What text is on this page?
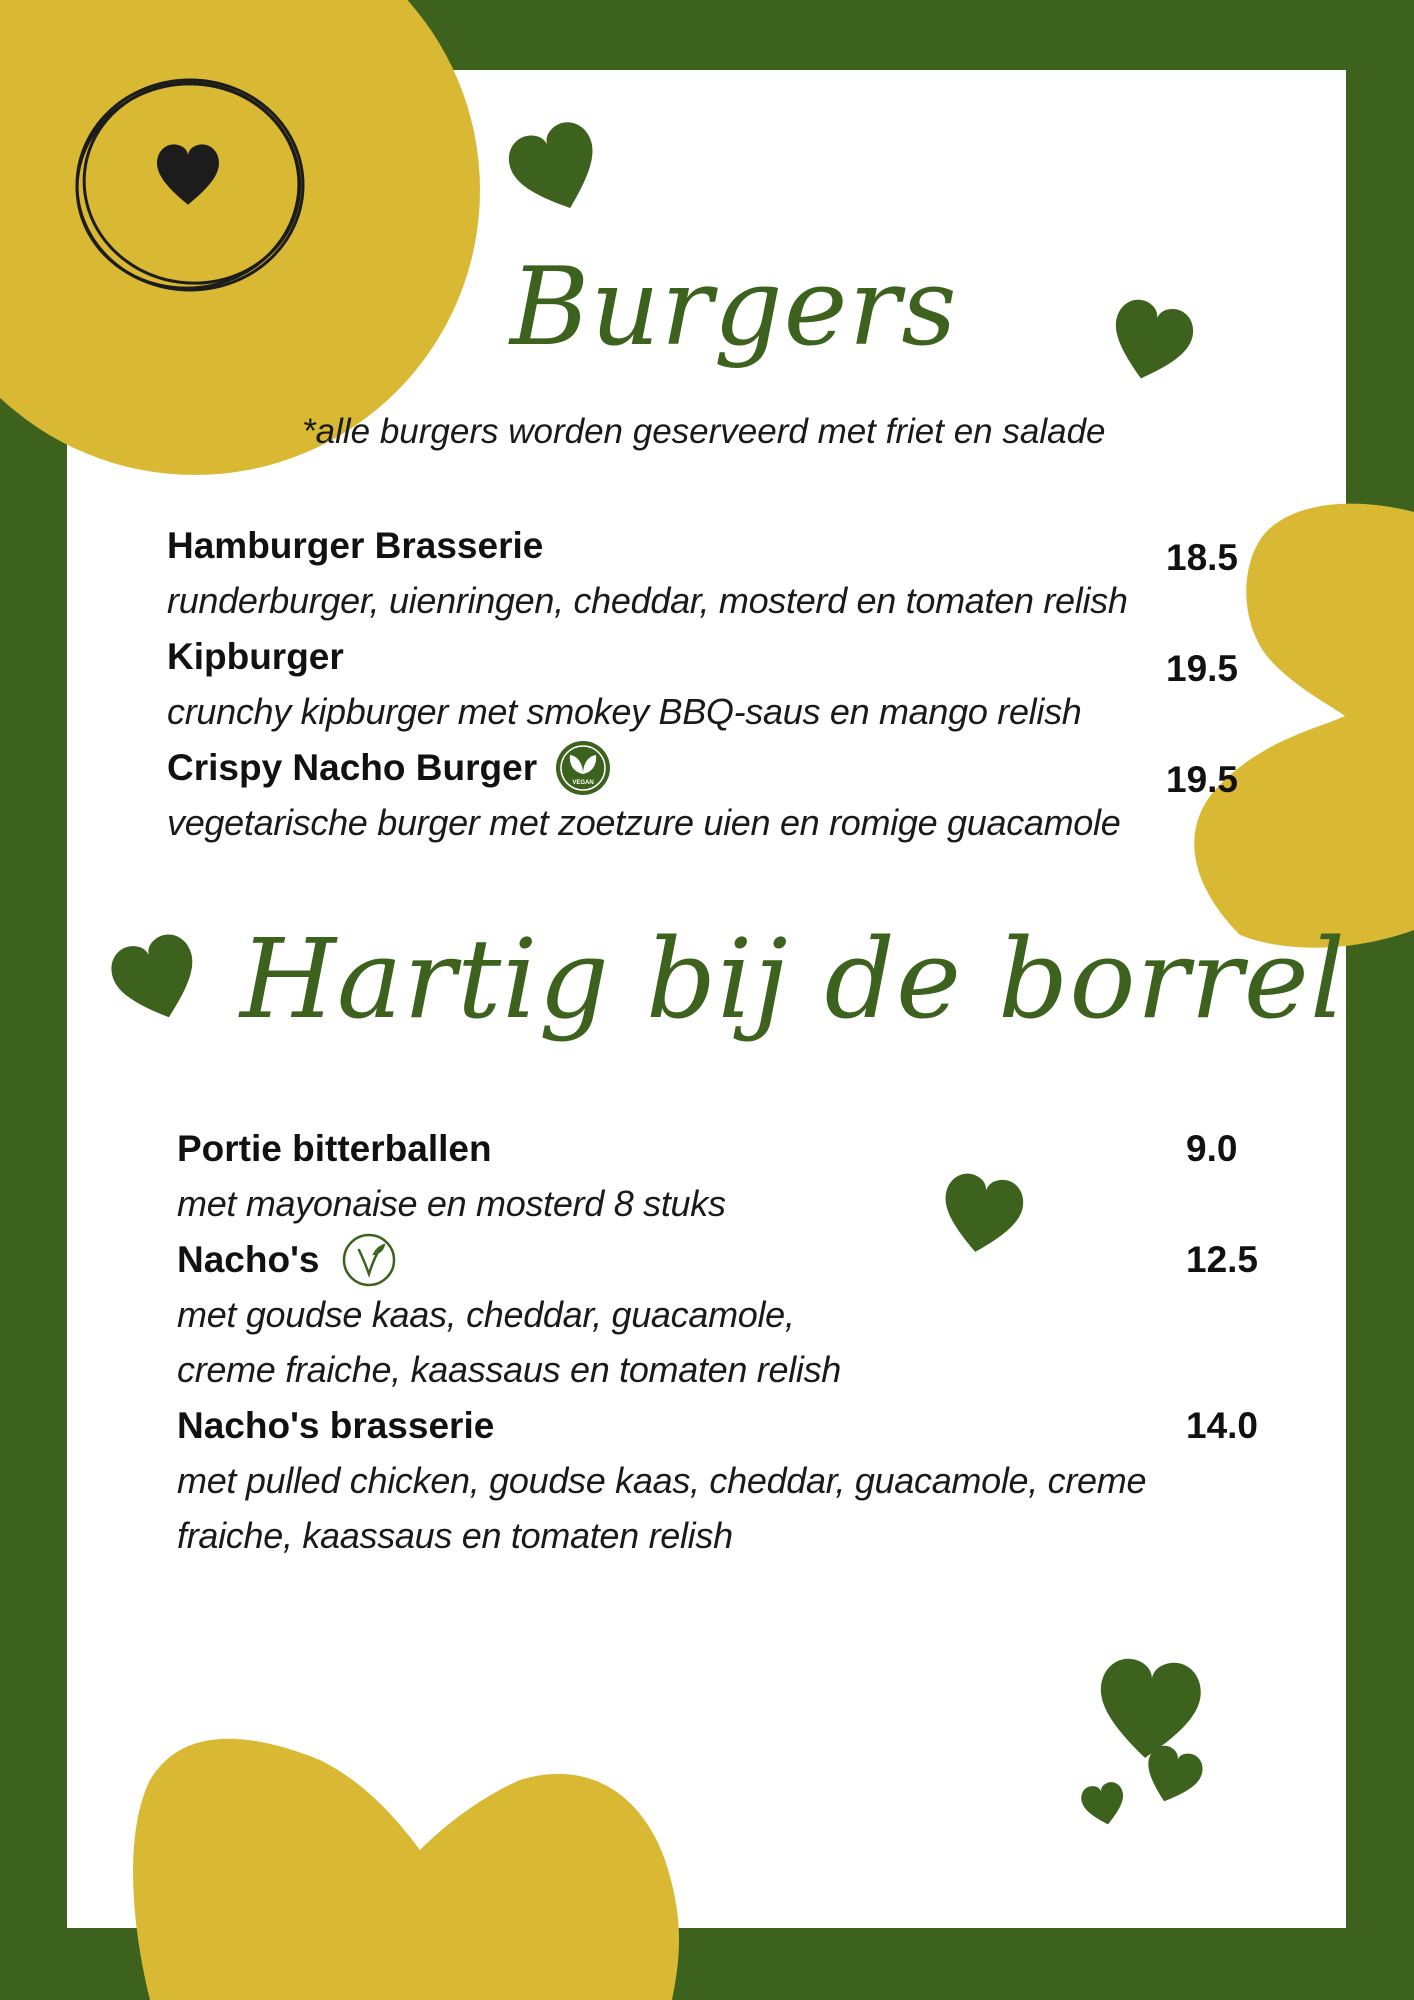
Burgers

*alle burgers worden geserveerd met friet en salade

Hamburger Brasserie
runderburger, uienringen, cheddar, mosterd en tomaten relish
18.5
Kipburger
crunchy kipburger met smokey BBQ-saus en mango relish
19.5
Crispy Nacho Burger	VEGAN
vegetarische burger met zoetzure uien en romige guacamole
19.5
Hartig bij de borrel
Portie bitterballen
met mayonaise en mosterd 8 stuks
9.0
Nacho's
met goudse kaas, cheddar, guacamole,
creme fraiche, kaassaus en tomaten relish
12.5
Nacho's brasserie
met pulled chicken, goudse kaas, cheddar, guacamole, creme
fraiche, kaassaus en tomaten relish
14.0
